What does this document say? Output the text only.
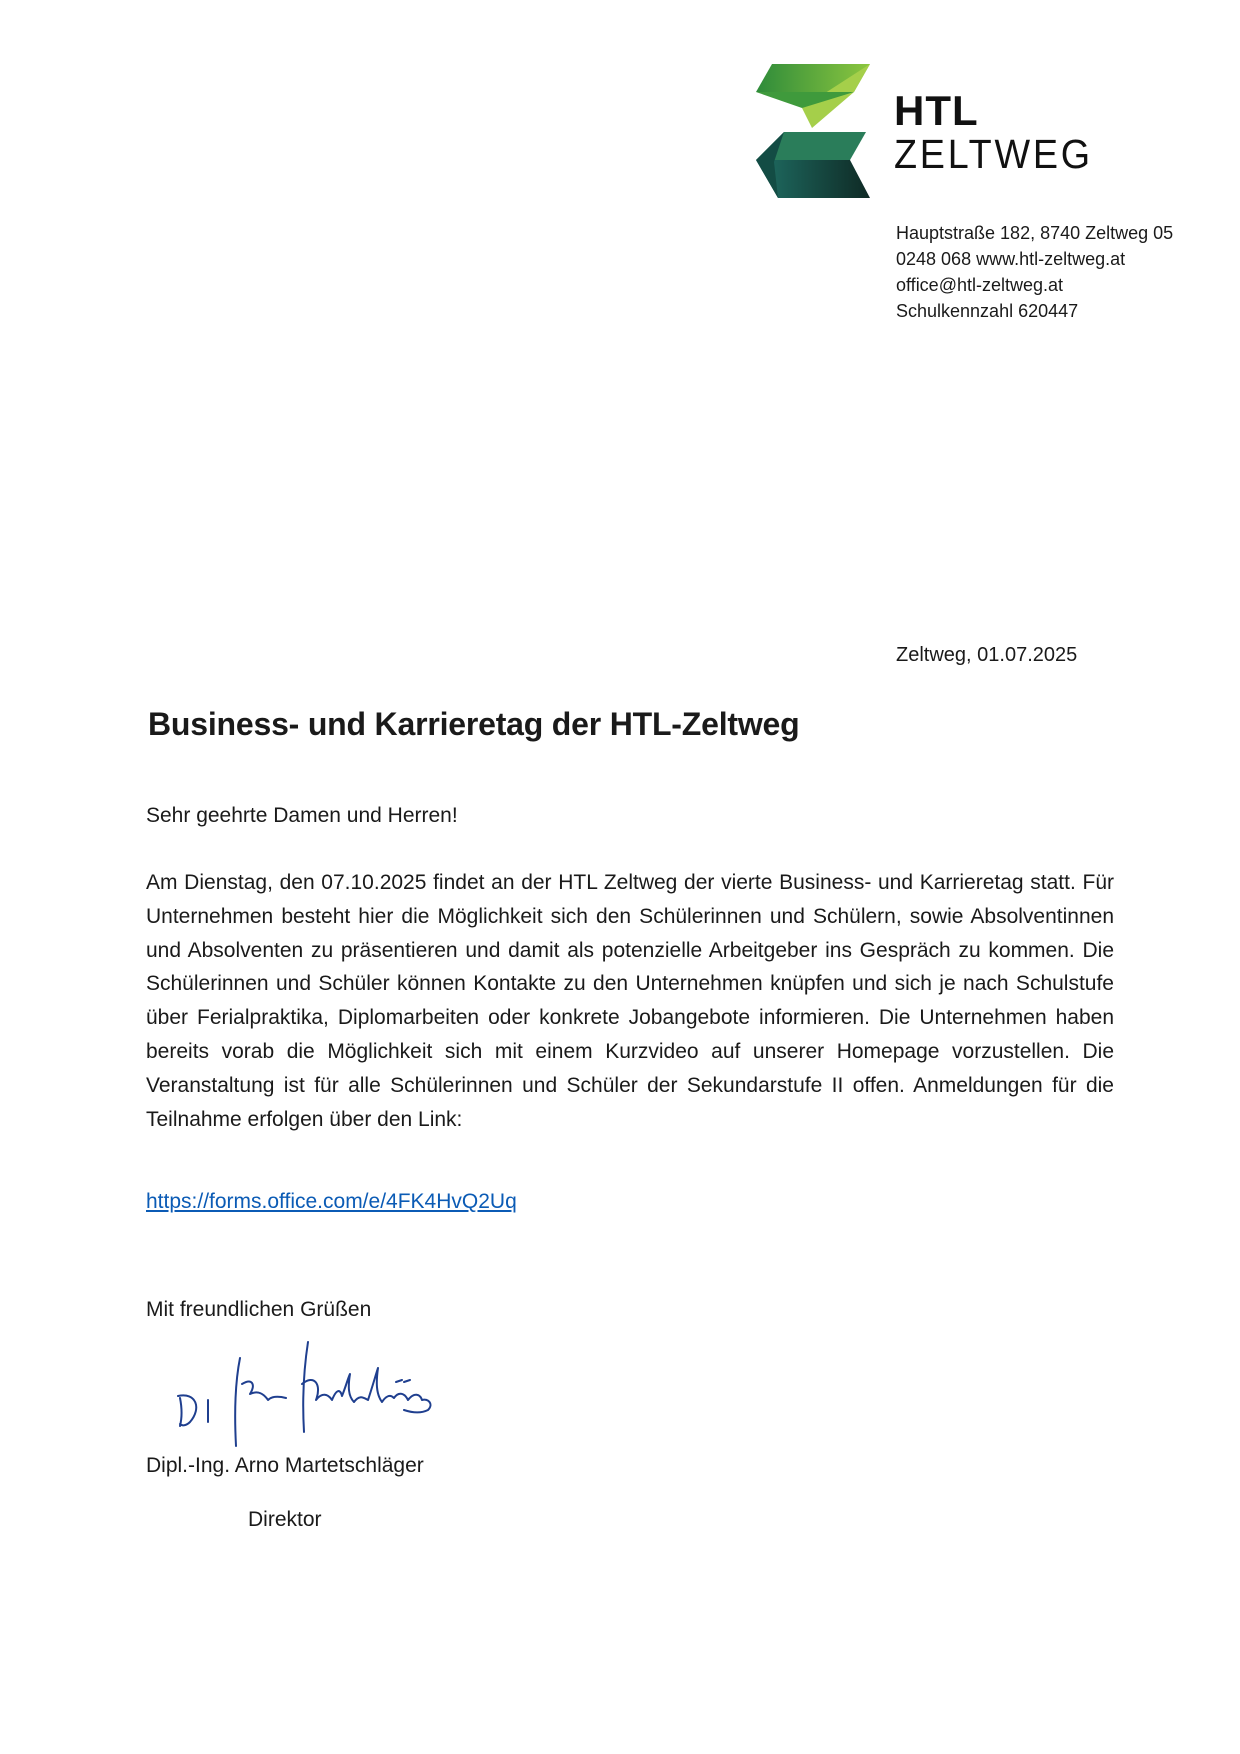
HTL
ZELTWEG
Hauptstraße 182, 8740 Zeltweg 05 0248 068 www.htl-zeltweg.at office@htl-zeltweg.at Schulkennzahl 620447
Zeltweg, 01.07.2025
Business- und Karrieretag der HTL-Zeltweg
Sehr geehrte Damen und Herren!

Am Dienstag, den 07.10.2025 findet an der HTL Zeltweg der vierte Business- und Karrieretag statt. Für Unternehmen besteht hier die Möglichkeit sich den Schülerinnen und Schülern, sowie Absolventinnen und Absolventen zu präsentieren und damit als potenzielle Arbeitgeber ins Gespräch zu kommen. Die Schülerinnen und Schüler können Kontakte zu den Unternehmen knüpfen und sich je nach Schulstufe über Ferialpraktika, Diplomarbeiten oder konkrete Jobangebote informieren. Die Unternehmen haben bereits vorab die Möglichkeit sich mit einem Kurzvideo auf unserer Homepage vorzustellen. Die Veranstaltung ist für alle Schülerinnen und Schüler der Sekundarstufe II offen. Anmeldungen für die Teilnahme erfolgen über den Link:

https://forms.office.com/e/4FK4HvQ2Uq
Mit freundlichen Grüßen
Dipl.-Ing. Arno Martetschläger
Direktor
